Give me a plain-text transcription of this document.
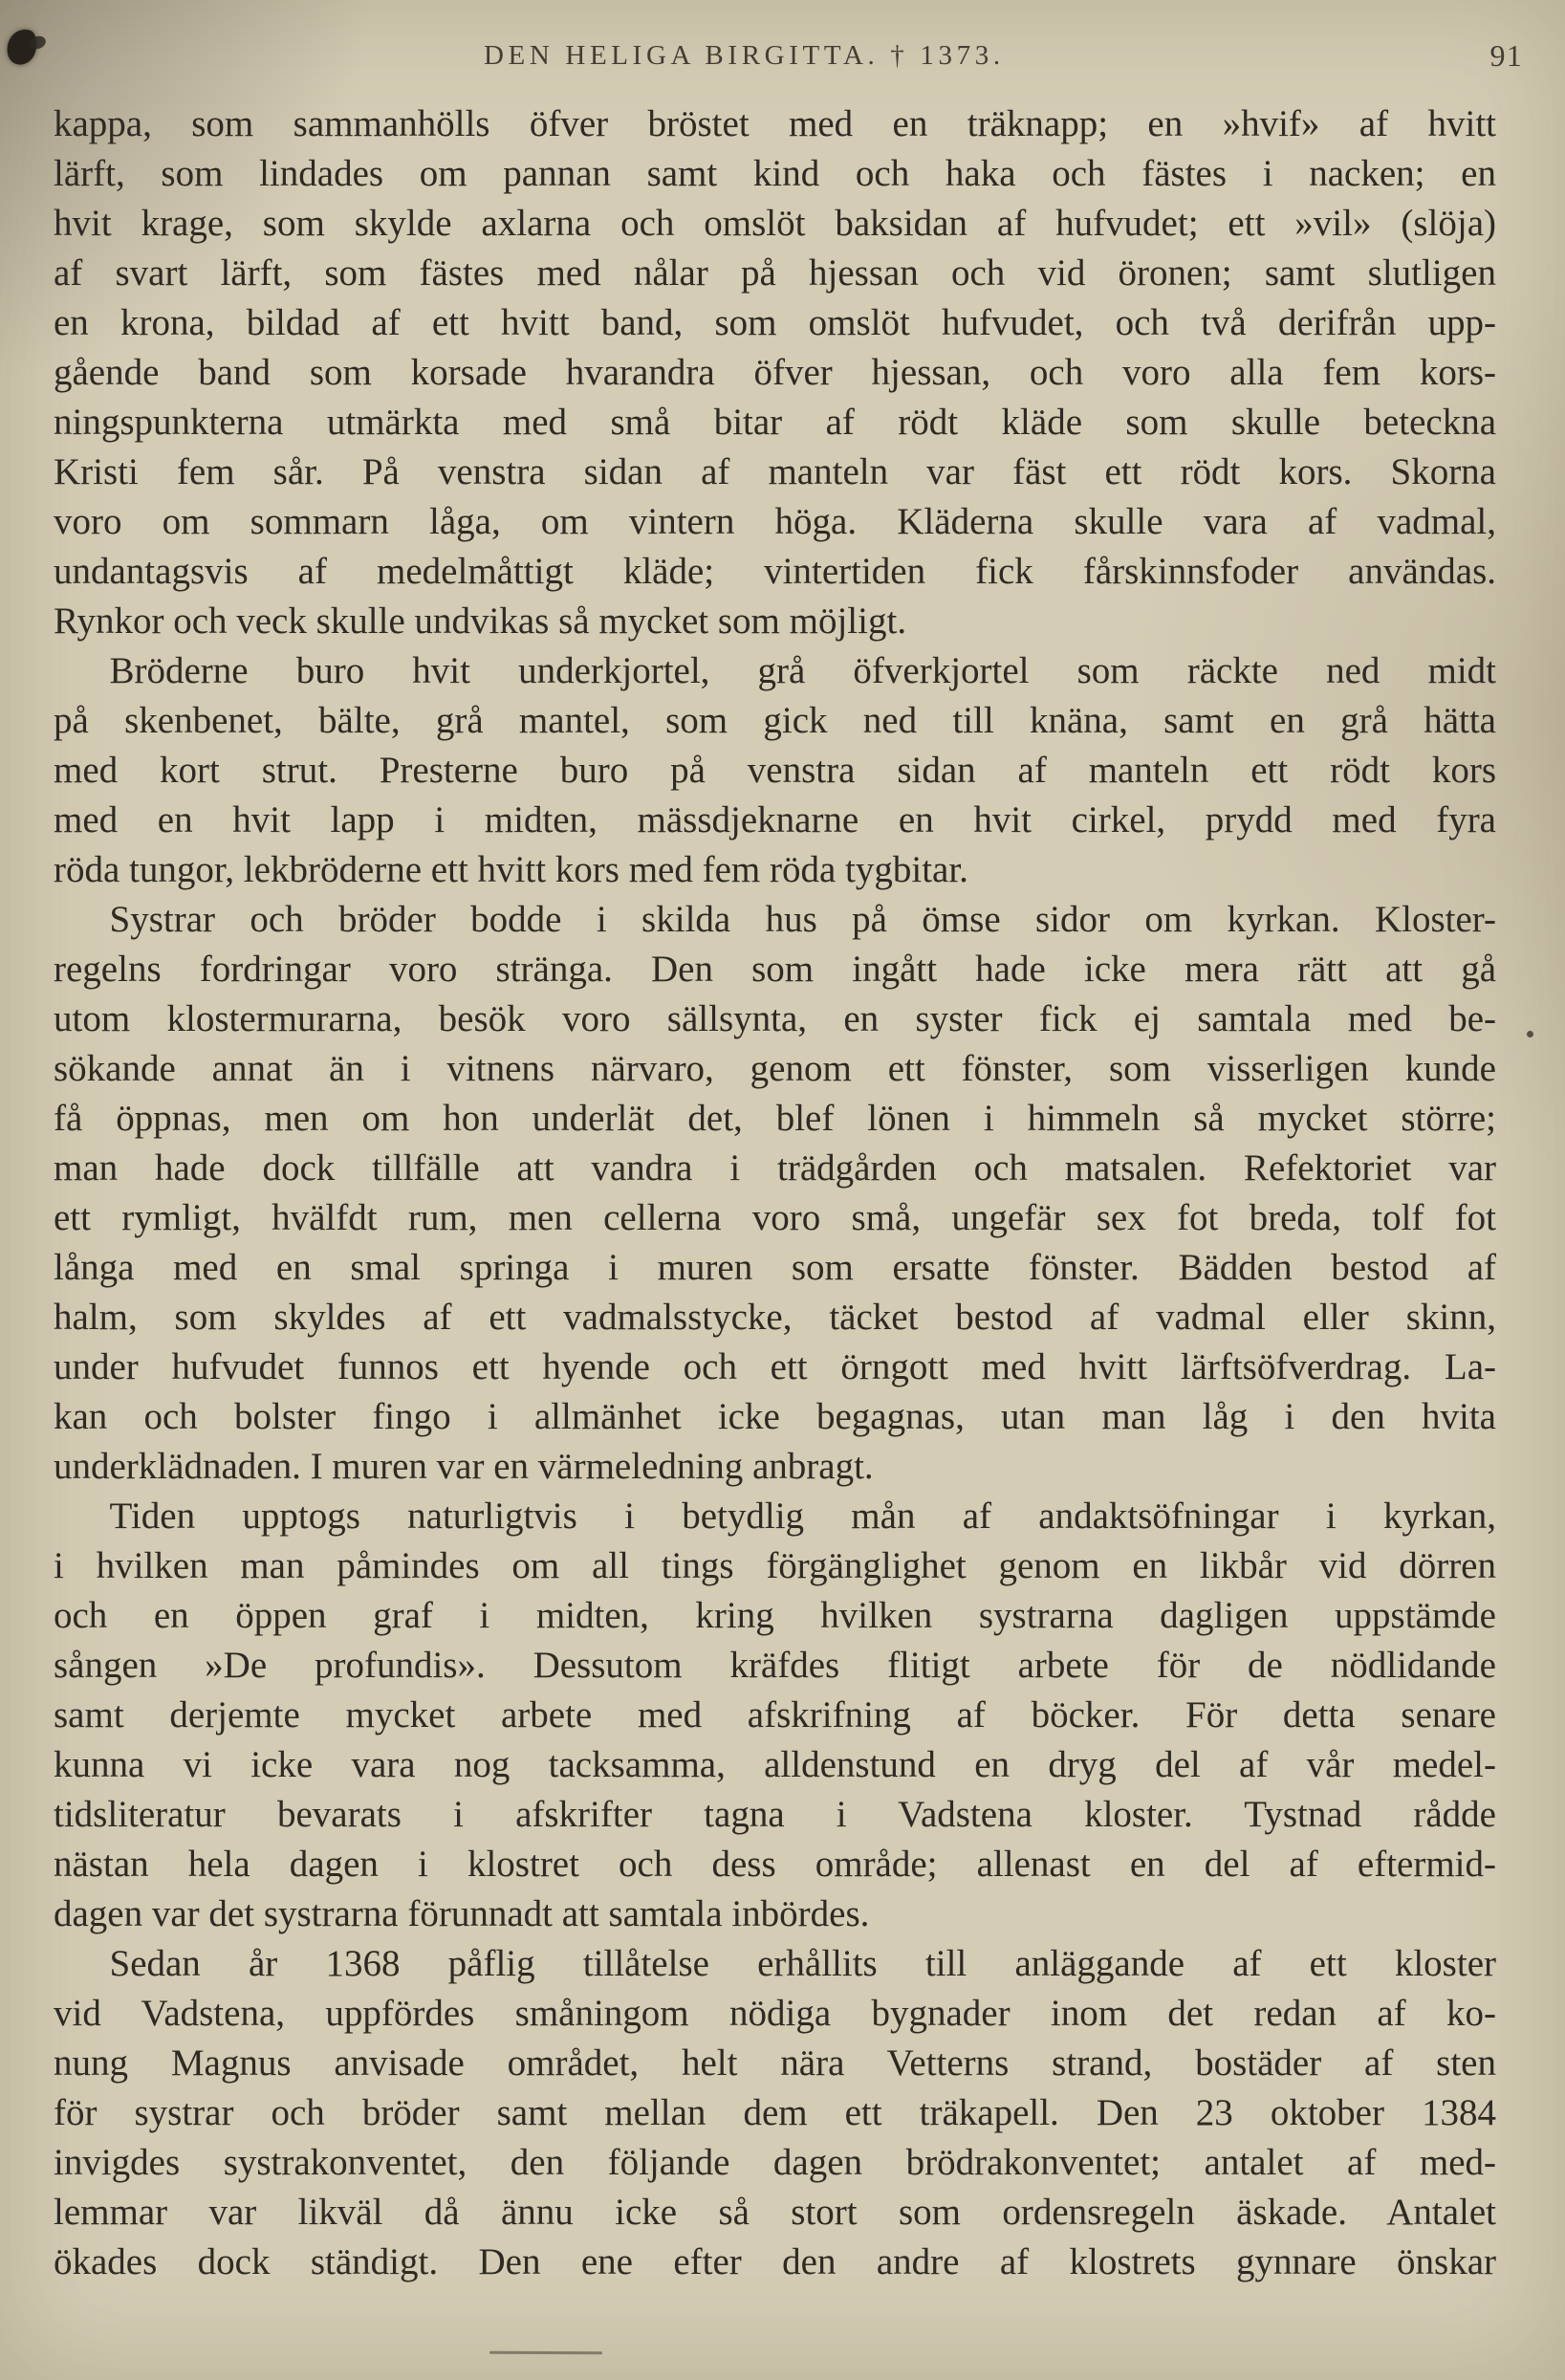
DEN HELIGA BIRGITTA. † 1373.	91
kappa, som sammanhölls öfver bröstet med en träknapp; en »hvif» af hvitt
lärft, som lindades om pannan samt kind och haka och fästes i nacken; en
hvit krage, som skylde axlarna och omslöt baksidan af hufvudet; ett »vil» (slöja)
af svart lärft, som fästes med nålar på hjessan och vid öronen; samt slutligen
en krona, bildad af ett hvitt band, som omslöt hufvudet, och två derifrån upp-
gående band som korsade hvarandra öfver hjessan, och voro alla fem kors-
ningspunkterna utmärkta med små bitar af rödt kläde som skulle beteckna
Kristi fem sår. På venstra sidan af manteln var fäst ett rödt kors. Skorna
voro om sommarn låga, om vintern höga. Kläderna skulle vara af vadmal,
undantagsvis af medelmåttigt kläde; vintertiden fick fårskinnsfoder användas.
Rynkor och veck skulle undvikas så mycket som möjligt.
Bröderne buro hvit underkjortel, grå öfverkjortel som räckte ned midt
på skenbenet, bälte, grå mantel, som gick ned till knäna, samt en grå hätta
med kort strut. Presterne buro på venstra sidan af manteln ett rödt kors
med en hvit lapp i midten, mässdjeknarne en hvit cirkel, prydd med fyra
röda tungor, lekbröderne ett hvitt kors med fem röda tygbitar.
Systrar och bröder bodde i skilda hus på ömse sidor om kyrkan. Kloster-
regelns fordringar voro stränga. Den som ingått hade icke mera rätt att gå
utom klostermurarna, besök voro sällsynta, en syster fick ej samtala med be-
sökande annat än i vitnens närvaro, genom ett fönster, som visserligen kunde
få öppnas, men om hon underlät det, blef lönen i himmeln så mycket större;
man hade dock tillfälle att vandra i trädgården och matsalen. Refektoriet var
ett rymligt, hvälfdt rum, men cellerna voro små, ungefär sex fot breda, tolf fot
långa med en smal springa i muren som ersatte fönster. Bädden bestod af
halm, som skyldes af ett vadmalsstycke, täcket bestod af vadmal eller skinn,
under hufvudet funnos ett hyende och ett örngott med hvitt lärftsöfverdrag. La-
kan och bolster fingo i allmänhet icke begagnas, utan man låg i den hvita
underklädnaden. I muren var en värmeledning anbragt.
Tiden upptogs naturligtvis i betydlig mån af andaktsöfningar i kyrkan,
i hvilken man påmindes om all tings förgänglighet genom en likbår vid dörren
och en öppen graf i midten, kring hvilken systrarna dagligen uppstämde
sången »De profundis». Dessutom kräfdes flitigt arbete för de nödlidande
samt derjemte mycket arbete med afskrifning af böcker. För detta senare
kunna vi icke vara nog tacksamma, alldenstund en dryg del af vår medel-
tidsliteratur bevarats i afskrifter tagna i Vadstena kloster. Tystnad rådde
nästan hela dagen i klostret och dess område; allenast en del af eftermid-
dagen var det systrarna förunnadt att samtala inbördes.
Sedan år 1368 påflig tillåtelse erhållits till anläggande af ett kloster
vid Vadstena, uppfördes småningom nödiga bygnader inom det redan af ko-
nung Magnus anvisade området, helt nära Vetterns strand, bostäder af sten
för systrar och bröder samt mellan dem ett träkapell. Den 23 oktober 1384
invigdes systrakonventet, den följande dagen brödrakonventet; antalet af med-
lemmar var likväl då ännu icke så stort som ordensregeln äskade. Antalet
ökades dock ständigt. Den ene efter den andre af klostrets gynnare önskar
